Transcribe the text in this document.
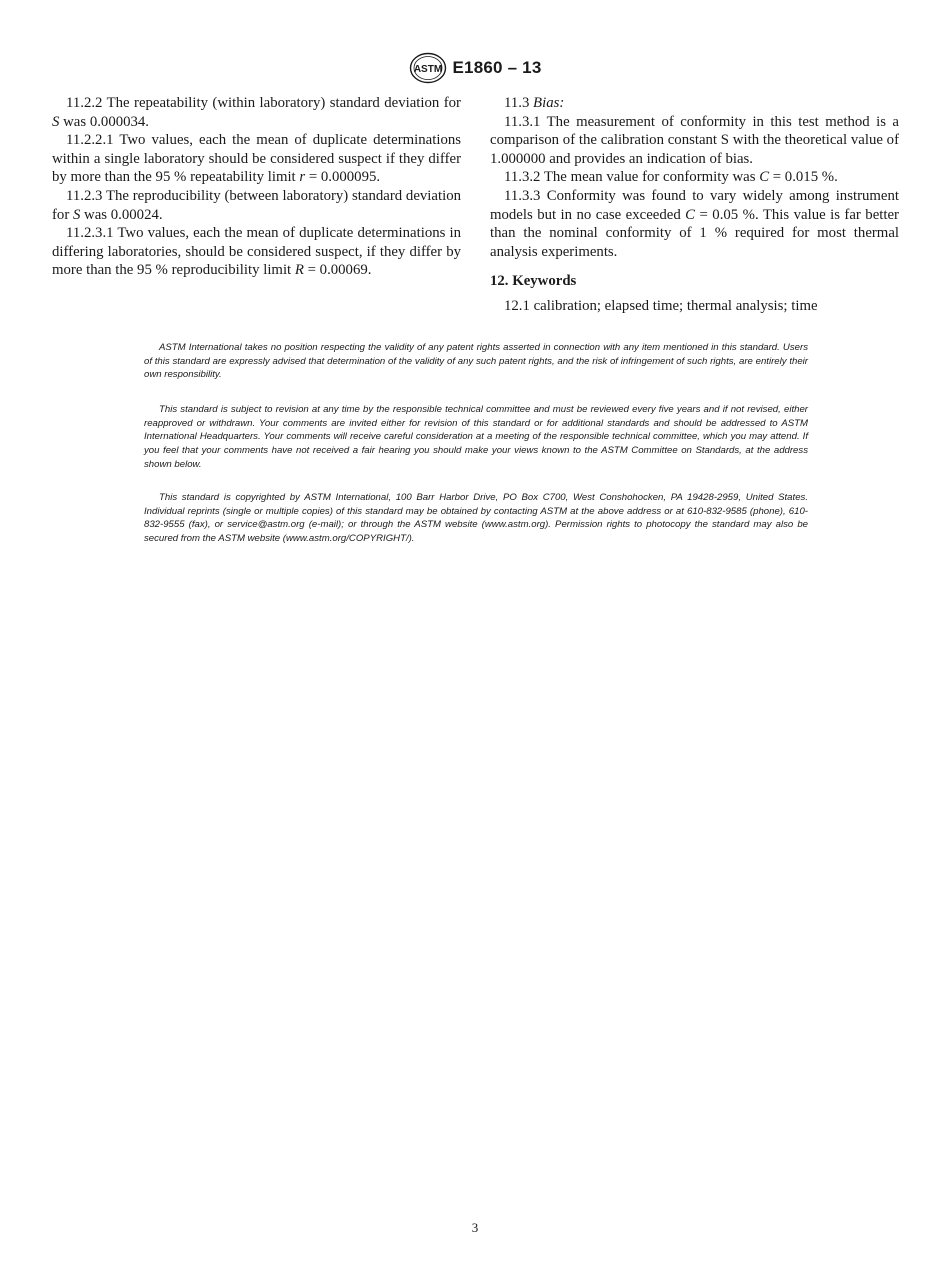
ASTM E1860 – 13

11.2.2 The repeatability (within laboratory) standard deviation for S was 0.000034.

11.2.2.1 Two values, each the mean of duplicate determinations within a single laboratory should be considered suspect if they differ by more than the 95 % repeatability limit r = 0.000095.

11.2.3 The reproducibility (between laboratory) standard deviation for S was 0.00024.

11.2.3.1 Two values, each the mean of duplicate determinations in differing laboratories, should be considered suspect, if they differ by more than the 95 % reproducibility limit R = 0.00069.

11.3 Bias:

11.3.1 The measurement of conformity in this test method is a comparison of the calibration constant S with the theoretical value of 1.000000 and provides an indication of bias.

11.3.2 The mean value for conformity was C = 0.015 %.

11.3.3 Conformity was found to vary widely among instrument models but in no case exceeded C = 0.05 %. This value is far better than the nominal conformity of 1 % required for most thermal analysis experiments.

12. Keywords

12.1 calibration; elapsed time; thermal analysis; time

ASTM International takes no position respecting the validity of any patent rights asserted in connection with any item mentioned in this standard. Users of this standard are expressly advised that determination of the validity of any such patent rights, and the risk of infringement of such rights, are entirely their own responsibility.

This standard is subject to revision at any time by the responsible technical committee and must be reviewed every five years and if not revised, either reapproved or withdrawn. Your comments are invited either for revision of this standard or for additional standards and should be addressed to ASTM International Headquarters. Your comments will receive careful consideration at a meeting of the responsible technical committee, which you may attend. If you feel that your comments have not received a fair hearing you should make your views known to the ASTM Committee on Standards, at the address shown below.

This standard is copyrighted by ASTM International, 100 Barr Harbor Drive, PO Box C700, West Conshohocken, PA 19428-2959, United States. Individual reprints (single or multiple copies) of this standard may be obtained by contacting ASTM at the above address or at 610-832-9585 (phone), 610-832-9555 (fax), or service@astm.org (e-mail); or through the ASTM website (www.astm.org). Permission rights to photocopy the standard may also be secured from the ASTM website (www.astm.org/COPYRIGHT/).

3
